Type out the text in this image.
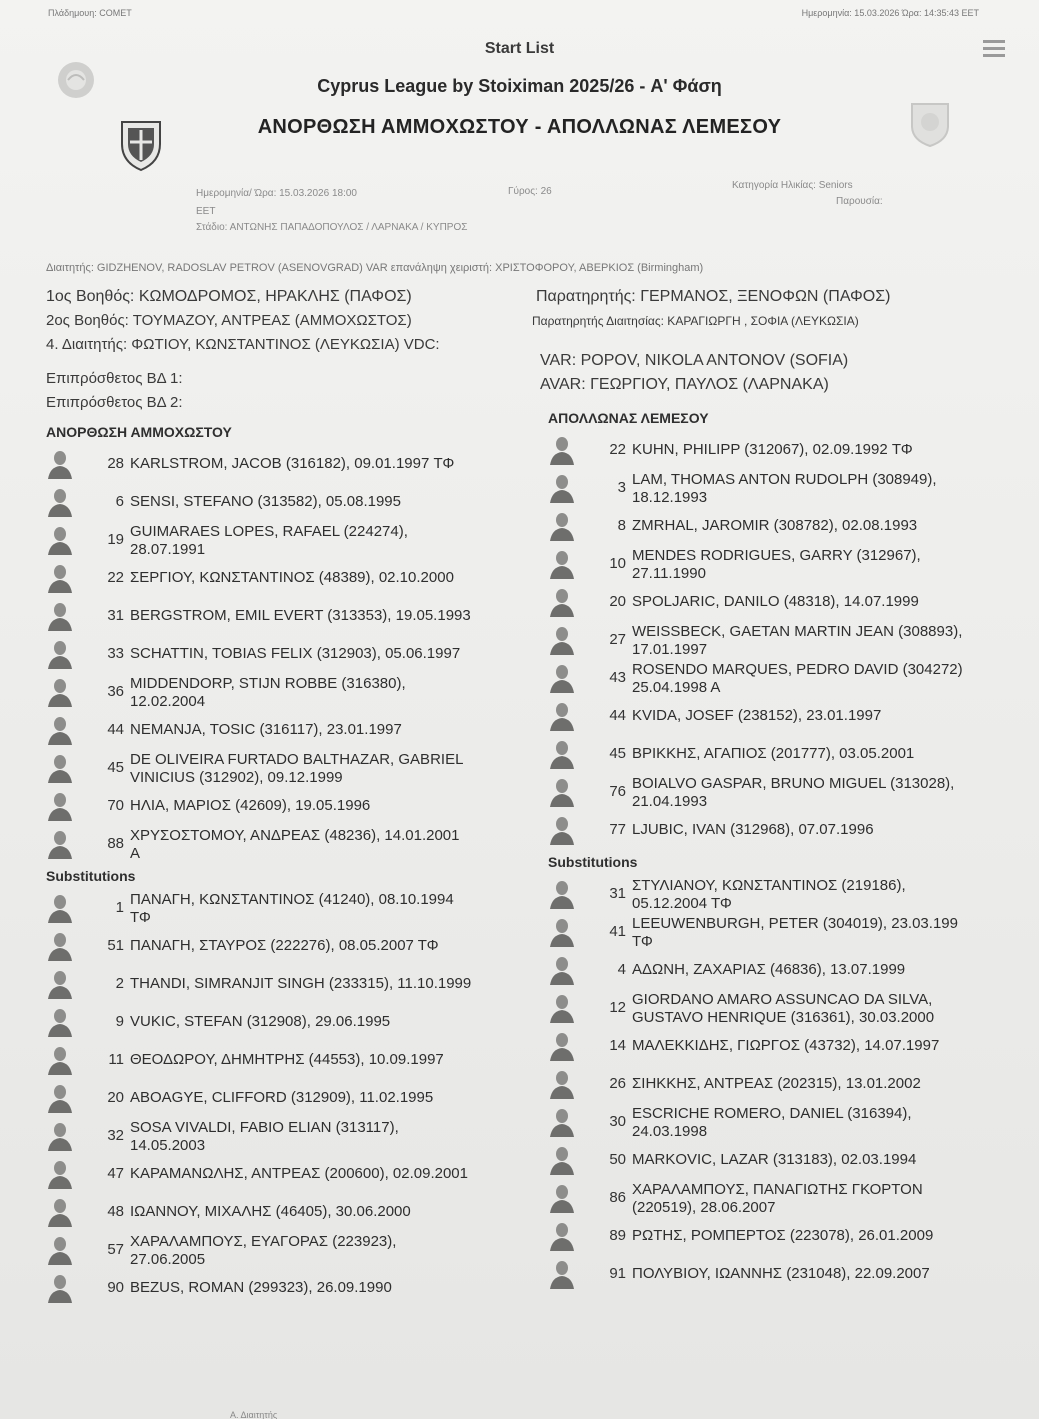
Πλάδημουη: COMET	Ημερομηνία: 15.03.2026 Ώρα: 14:35:43 EET
Start List
Cyprus League by Stoiximan 2025/26 - Α' Φάση
ΑΝΟΡΘΩΣΗ ΑΜΜΟΧΩΣΤΟΥ - ΑΠΟΛΛΩΝΑΣ ΛΕΜΕΣΟΥ
Ημερομηνία/ Ώρα: 15.03.2026 18:00
EET
Στάδιο: ΑΝΤΩΝΗΣ ΠΑΠΑΔΟΠΟΥΛΟΣ / ΛΑΡΝΑΚΑ / ΚΥΠΡΟΣ
Γύρος: 26
Κατηγορία Ηλικίας: Seniors
Παρουσία:
Διαιτητής: GIDZHENOV, RADOSLAV PETROV (ASENOVGRAD) VAR επανάληψη χειριστή: ΧΡΙΣΤΟΦΟΡΟΥ, ΑΒΕΡΚΙΟΣ (Birmingham)
1ος Βοηθός: ΚΩΜΟΔΡΟΜΟΣ, ΗΡΑΚΛΗΣ (ΠΑΦΟΣ)	Παρατηρητής: ΓΕΡΜΑΝΟΣ, ΞΕΝΟΦΩΝ (ΠΑΦΟΣ)
2ος Βοηθός: ΤΟΥΜΑΖΟΥ, ΑΝΤΡΕΑΣ (ΑΜΜΟΧΩΣΤΟΣ)	Παρατηρητής Διαιτησίας: ΚΑΡΑΓΙΩΡΓΗ , ΣΟΦΙΑ (ΛΕΥΚΩΣΙΑ)
4. Διαιτητής: ΦΩΤΙΟΥ, ΚΩΝΣΤΑΝΤΙΝΟΣ (ΛΕΥΚΩΣΙΑ) VDC:
Επιπρόσθετος ΒΔ 1:
VAR: POPOV, NIKOLA ANTONOV (SOFIA)
Επιπρόσθετος ΒΔ 2:
AVAR: ΓΕΩΡΓΙΟΥ, ΠΑΥΛΟΣ (ΛΑΡΝΑΚΑ)
ΑΝΟΡΘΩΣΗ ΑΜΜΟΧΩΣΤΟΥ
28 KARLSTROM, JACOB (316182), 09.01.1997 ΤΦ
6 SENSI, STEFANO (313582), 05.08.1995
19 GUIMARAES LOPES, RAFAEL (224274),
28.07.1991
22 ΣΕΡΓΙΟΥ, ΚΩΝΣΤΑΝΤΙΝΟΣ (48389), 02.10.2000
31 BERGSTROM, EMIL EVERT (313353), 19.05.1993
33 SCHATTIN, TOBIAS FELIX (312903), 05.06.1997
36 MIDDENDORP, STIJN ROBBE (316380),
12.02.2004
44 NEMANJA, TOSIC (316117), 23.01.1997
45 DE OLIVEIRA FURTADO BALTHAZAR, GABRIEL
VINICIUS (312902), 09.12.1999
70 ΗΛΙΑ, ΜΑΡΙΟΣ (42609), 19.05.1996
88 ΧΡΥΣΟΣΤΟΜΟΥ, ΑΝΔΡΕΑΣ (48236), 14.01.2001
Α
Substitutions
1 ΠΑΝΑΓΗ, ΚΩΝΣΤΑΝΤΙΝΟΣ (41240), 08.10.1994
ΤΦ
51 ΠΑΝΑΓΗ, ΣΤΑΥΡΟΣ (222276), 08.05.2007 ΤΦ
2 THANDI, SIMRANJIT SINGH (233315), 11.10.1999
9 VUKIC, STEFAN (312908), 29.06.1995
11 ΘΕΟΔΩΡΟΥ, ΔΗΜΗΤΡΗΣ (44553), 10.09.1997
20 ABOAGYE, CLIFFORD (312909), 11.02.1995
32 SOSA VIVALDI, FABIO ELIAN (313117),
14.05.2003
47 ΚΑΡΑΜΑΝΩΛΗΣ, ΑΝΤΡΕΑΣ (200600), 02.09.2001
48 ΙΩΑΝΝΟΥ, ΜΙΧΑΛΗΣ (46405), 30.06.2000
57 ΧΑΡΑΛΑΜΠΟΥΣ, ΕΥΑΓΟΡΑΣ (223923),
27.06.2005
90 BEZUS, ROMAN (299323), 26.09.1990
ΑΠΟΛΛΩΝΑΣ ΛΕΜΕΣΟΥ
22 KUHN, PHILIPP (312067), 02.09.1992 ΤΦ
3 LAM, THOMAS ANTON RUDOLPH (308949),
18.12.1993
8 ZMRHAL, JAROMIR (308782), 02.08.1993
10 MENDES RODRIGUES, GARRY (312967),
27.11.1990
20 SPOLJARIC, DANILO (48318), 14.07.1999
27 WEISSBECK, GAETAN MARTIN JEAN (308893),
17.01.1997
43 ROSENDO MARQUES, PEDRO DAVID (304272)
25.04.1998 Α
44 KVIDA, JOSEF (238152), 23.01.1997
45 ΒΡΙΚΚΗΣ, ΑΓΑΠΙΟΣ (201777), 03.05.2001
76 BOIALVO GASPAR, BRUNO MIGUEL (313028),
21.04.1993
77 LJUBIC, IVAN (312968), 07.07.1996
Substitutions
31 ΣΤΥΛΙΑΝΟΥ, ΚΩΝΣΤΑΝΤΙΝΟΣ (219186),
05.12.2004 ΤΦ
41 LEEUWENBURGH, PETER (304019), 23.03.199
ΤΦ
4 ΑΔΩΝΗ, ΖΑΧΑΡΙΑΣ (46836), 13.07.1999
12 GIORDANO AMARO ASSUNCAO DA SILVA,
GUSTAVO HENRIQUE (316361), 30.03.2000
14 ΜΑΛΕΚΚΙΔΗΣ, ΓΙΩΡΓΟΣ (43732), 14.07.1997
26 ΣΙΗΚΚΗΣ, ΑΝΤΡΕΑΣ (202315), 13.01.2002
30 ESCRICHE ROMERO, DANIEL (316394),
24.03.1998
50 MARKOVIC, LAZAR (313183), 02.03.1994
86 ΧΑΡΑΛΑΜΠΟΥΣ, ΠΑΝΑΓΙΩΤΗΣ ΓΚΟΡΤΟΝ
(220519), 28.06.2007
89 ΡΩΤΗΣ, ΡΟΜΠΕΡΤΟΣ (223078), 26.01.2009
91 ΠΟΛΥΒΙΟΥ, ΙΩΑΝΝΗΣ (231048), 22.09.2007
Α. Διαιτητής
